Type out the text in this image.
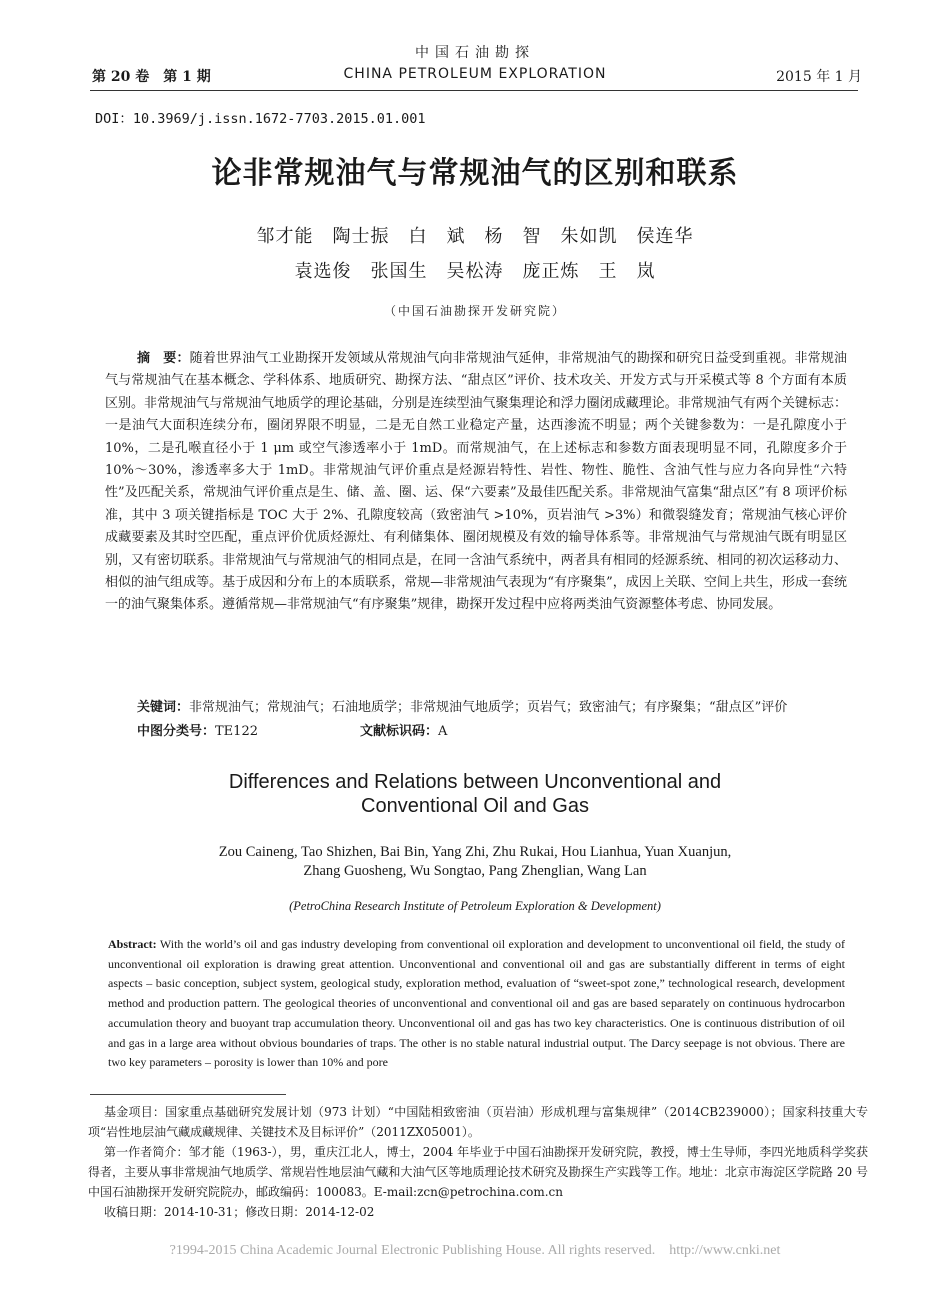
中国石油勘探
第 20 卷　第 1 期	CHINA PETROLEUM EXPLORATION	2015 年 1 月
DOI：10.3969/j.issn.1672-7703.2015.01.001
论非常规油气与常规油气的区别和联系
邹才能　陶士振　白　斌　杨　智　朱如凯　侯连华
袁选俊　张国生　吴松涛　庞正炼　王　岚
（中国石油勘探开发研究院）
摘　要：随着世界油气工业勘探开发领域从常规油气向非常规油气延伸，非常规油气的勘探和研究日益受到重视。非常规油气与常规油气在基本概念、学科体系、地质研究、勘探方法、“甜点区”评价、技术攻关、开发方式与开采模式等 8 个方面有本质区别。非常规油气与常规油气地质学的理论基础，分别是连续型油气聚集理论和浮力圈闭成藏理论。非常规油气有两个关键标志：一是油气大面积连续分布，圈闭界限不明显，二是无自然工业稳定产量，达西渗流不明显；两个关键参数为：一是孔隙度小于 10%，二是孔喉直径小于 1 μm 或空气渗透率小于 1mD。而常规油气，在上述标志和参数方面表现明显不同，孔隙度多介于 10%～30%，渗透率多大于 1mD。非常规油气评价重点是烃源岩特性、岩性、物性、脆性、含油气性与应力各向异性“六特性”及匹配关系，常规油气评价重点是生、储、盖、圈、运、保“六要素”及最佳匹配关系。非常规油气富集“甜点区”有 8 项评价标准，其中 3 项关键指标是 TOC 大于 2%、孔隙度较高（致密油气 >10%，页岩油气 >3%）和微裂缝发育；常规油气核心评价成藏要素及其时空匹配，重点评价优质烃源灶、有利储集体、圈闭规模及有效的输导体系等。非常规油气与常规油气既有明显区别，又有密切联系。非常规油气与常规油气的相同点是，在同一含油气系统中，两者具有相同的烃源系统、相同的初次运移动力、相似的油气组成等。基于成因和分布上的本质联系，常规—非常规油气表现为“有序聚集”，成因上关联、空间上共生，形成一套统一的油气聚集体系。遵循常规—非常规油气“有序聚集”规律，勘探开发过程中应将两类油气资源整体考虑、协同发展。
关键词：非常规油气；常规油气；石油地质学；非常规油气地质学；页岩气；致密油气；有序聚集；“甜点区”评价
中图分类号：TE122	文献标识码：A
Differences and Relations between Unconventional and
Conventional Oil and Gas
Zou Caineng, Tao Shizhen, Bai Bin, Yang Zhi, Zhu Rukai, Hou Lianhua, Yuan Xuanjun,
Zhang Guosheng, Wu Songtao, Pang Zhenglian, Wang Lan
(PetroChina Research Institute of Petroleum Exploration & Development)
Abstract: With the world’s oil and gas industry developing from conventional oil exploration and development to unconventional oil field, the study of unconventional oil exploration is drawing great attention. Unconventional and conventional oil and gas are substantially different in terms of eight aspects – basic conception, subject system, geological study, exploration method, evaluation of “sweet-spot zone,” technological research, development method and production pattern. The geological theories of unconventional and conventional oil and gas are based separately on continuous hydrocarbon accumulation theory and buoyant trap accumulation theory. Unconventional oil and gas has two key characteristics. One is continuous distribution of oil and gas in a large area without obvious boundaries of traps. The other is no stable natural industrial output. The Darcy seepage is not obvious. There are two key parameters – porosity is lower than 10% and pore

基金项目：国家重点基础研究发展计划（973 计划）“中国陆相致密油（页岩油）形成机理与富集规律”（2014CB239000）；国家科技重大专项“岩性地层油气藏成藏规律、关键技术及目标评价”（2011ZX05001）。

第一作者简介：邹才能（1963-），男，重庆江北人，博士，2004 年毕业于中国石油勘探开发研究院，教授，博士生导师，李四光地质科学奖获得者，主要从事非常规油气地质学、常规岩性地层油气藏和大油气区等地质理论技术研究及勘探生产实践等工作。地址：北京市海淀区学院路 20 号中国石油勘探开发研究院院办，邮政编码：100083。E-mail:zcn@petrochina.com.cn

收稿日期：2014-10-31；修改日期：2014-12-02

?1994-2015 China Academic Journal Electronic Publishing House. All rights reserved.    http://www.cnki.net
